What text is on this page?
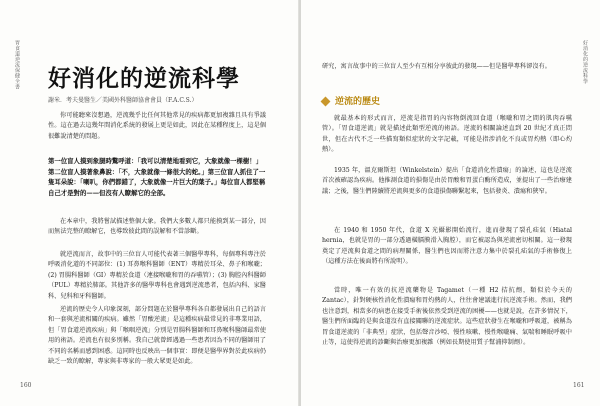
胃食道逆流保健全書 好消化的逆流科學
謝米．考夫曼醫生／美國外科醫師協會會員（F.A.C.S.）

你可能聽來沒想過，逆流幾乎比任何其他常見的疾病都更加複雜且具有爭議性。這在過去這幾年間消化系統的發展上更是如此，因此在某種程度上，這是個很難說清楚的問題。

第一位盲人摸到象腿時驚呼道：「我可以清楚地看到它，大象就像一棵樹！」第二位盲人摸著象鼻說：「不，大象就像一條很大的蛇。」第三位盲人抓住了一隻耳朵說：「喇叭，你們都錯了，大象就像一片巨大的葉子。」每位盲人都堅稱自己才是對的——但沒有人瞭解它的全部。

在本章中，我將嘗試描述整個大象。我們大多數人都只能摸到某一部分，因而無法完整的瞭解它，也導致彼此間的誤解和不當診斷。

就逆流而言，故事中的三位盲人可能代表著三個醫學專科，每個專科專注於呼吸消化道的不同部位：(1) 耳鼻喉科醫師（ENT）專精於耳朵、鼻子和喉嚨；(2) 胃腸科醫師（GI）專精於食道（連接喉嚨和胃的吞嚥管）；(3) 胸腔內科醫師（PUL）專精於肺部。其他許多的醫學專科也會遇到逆流患者，包括內科、家醫科、兒科和牙科醫師。

逆流的歷史令人印象深刻，部分問題在於醫學專科各自都發展出自己的語言和一套與逆流相關的疾病。雖然「胃酸逆流」是這種疾病最常見的非專業用語，但「胃食道逆流疾病」與「喉咽逆流」分別是胃腸科醫師和耳鼻喉科醫師最常使用的術語。逆流也有很多別稱。我自己就曾經遇過一些患者因為不同的醫師用了不同的名稱而感到困惑。這同時也反映出一個事實：即便是醫學界對於此疾病仍缺乏一致的瞭解，專家與非專家的一般大眾更是如此。

160
好消化的逆流科學

研究，寓言故事中的三位盲人至少有互相分享彼此的發現——但是醫學專科卻沒有。

逆流的歷史

就最基本的形式而言，逆流是指胃的內容物倒流回食道（喉嚨和胃之間的肌肉吞嚥管）。「胃食道逆流」就是描述此類型逆流的術語。逆流的相關論述直到 20 世紀才真正問世，但在古代不乏一些描寫類似症狀的文字記載，可能是指涉消化不良或胃灼熱（即心灼熱）。

1935 年，溫克爾斯坦（Winkelstein）提出「食道消化性潰瘍」的論述，這也是逆流首次被確認為疾病。他推測食道的損傷是由於胃酸和胃蛋白酶所造成，並提出了一些治療建議；之後，醫生們陸續將逆流與更多的食道損傷聯繫起來，包括發炎、潰瘍和狹窄。

在 1940 和 1950 年代，食道 X 光攝影開始流行，進而發現了裂孔疝氣（Hiatal hernia，也就是胃的一部分透過橫膈膜滑入胸腔），而它被認為與逆流密切相關。這一發現奠定了逆流與食道之間的病理關係，醫生們也因而將注意力集中於裂孔疝氣的手術修復上（這種方法在後面將有所說明）。

當時，唯一有效的抗逆流藥物是 Tagamet（一種 H2 拮抗劑，類似於今天的 Zantac），針對硬核性消化性潰瘍和胃灼熱的人，往往會建議進行抗逆流手術。然而，我們也注意到，相當多的病患在接受手術後依然受到逆流的困擾——也就是說，在許多情況下，醫生們所面臨的是與食道沒有直接關聯的逆流症狀。這些症狀發生在喉嚨和呼吸道，被稱為胃食道逆流的「非典型」症狀，包括聲音沙啞、慢性咳嗽、慢性喉嚨痛、氣喘和睡眠呼吸中止等，這使得逆流的診斷與治療更加複雜（例如長期使用質子幫浦抑制劑）。

161
